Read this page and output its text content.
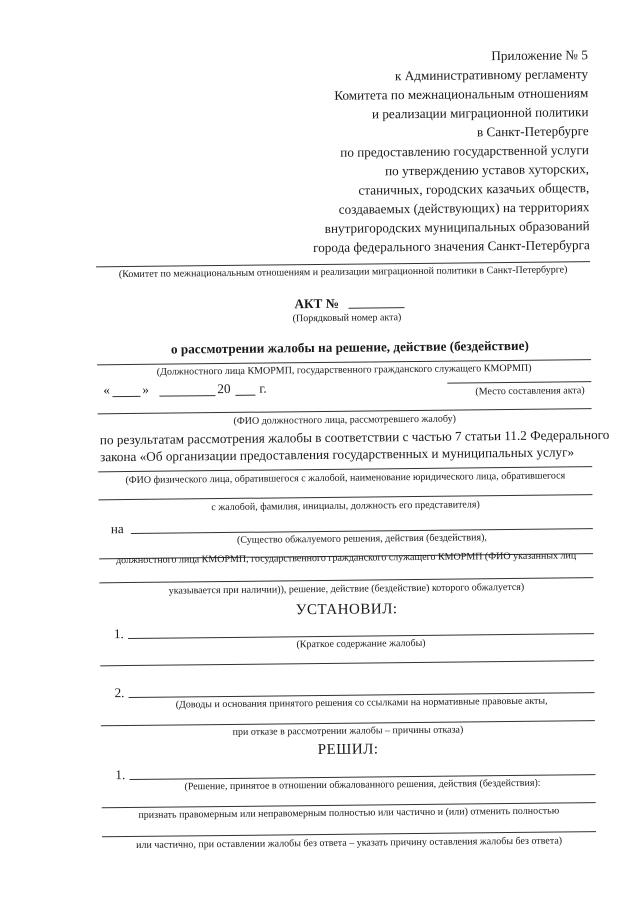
Приложение № 5
к Административному регламенту
Комитета по межнациональным отношениям
и реализации миграционной политики
в Санкт-Петербурге
по предоставлению государственной услуги
по утверждению уставов хуторских,
станичных, городских казачьих обществ,
создаваемых (действующих) на территориях
внутригородских муниципальных образований
города федерального значения Санкт-Петербурга
(Комитет по межнациональным отношениям и реализации миграционной политики в Санкт-Петербурге)
АКТ №
(Порядковый номер акта)
о рассмотрении жалобы на решение, действие (бездействие)
(Должностного лица КМОРМП, государственного гражданского служащего КМОРМП)
« »	20 г.	(Место составления акта)
(ФИО должностного лица, рассмотревшего жалобу)
по результатам рассмотрения жалобы в соответствии с частью 7 статьи 11.2 Федерального
закона «Об организации предоставления государственных и муниципальных услуг»
(ФИО физического лица, обратившегося с жалобой, наименование юридического лица, обратившегося
с жалобой, фамилия, инициалы, должность его представителя)
на
(Существо обжалуемого решения, действия (бездействия),
должностного лица КМОРМП, государственного гражданского служащего КМОРМП (ФИО указанных лиц
указывается при наличии)), решение, действие (бездействие) которого обжалуется)
УСТАНОВИЛ:
1.
(Краткое содержание жалобы)
2.
(Доводы и основания принятого решения со ссылками на нормативные правовые акты,
при отказе в рассмотрении жалобы – причины отказа)
РЕШИЛ:
1.
(Решение, принятое в отношении обжалованного решения, действия (бездействия):
признать правомерным или неправомерным полностью или частично и (или) отменить полностью
или частично, при оставлении жалобы без ответа – указать причину оставления жалобы без ответа)
